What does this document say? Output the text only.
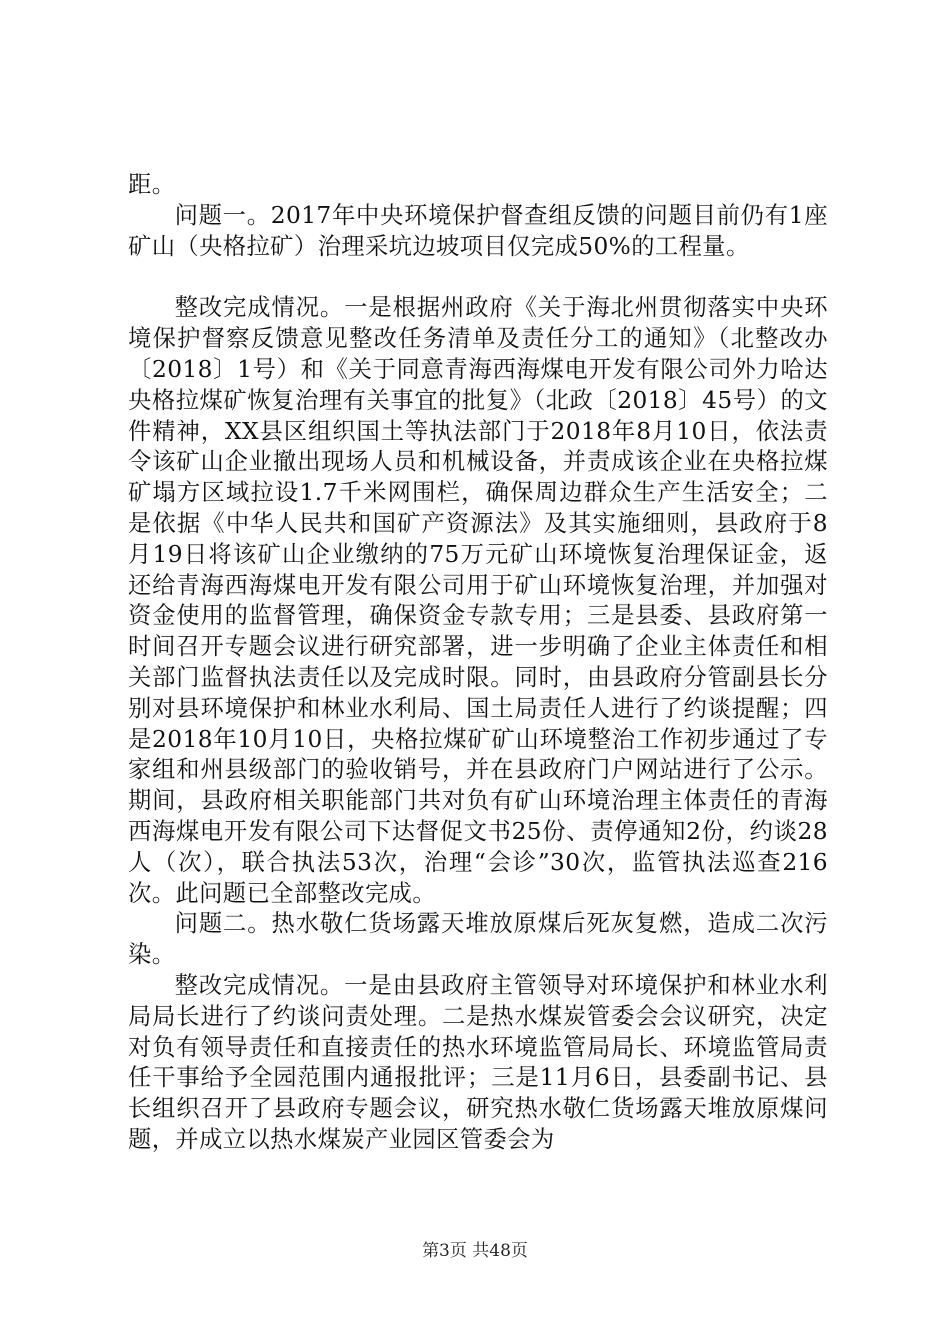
距。

问题一。2017年中央环境保护督查组反馈的问题目前仍有1座矿山（央格拉矿）治理采坑边坡项目仅完成50%的工程量。

整改完成情况。一是根据州政府《关于海北州贯彻落实中央环境保护督察反馈意见整改任务清单及责任分工的通知》（北整改办〔2018〕1号）和《关于同意青海西海煤电开发有限公司外力哈达央格拉煤矿恢复治理有关事宜的批复》（北政〔2018〕45号）的文件精神，XX县区组织国土等执法部门于2018年8月10日，依法责令该矿山企业撤出现场人员和机械设备，并责成该企业在央格拉煤矿塌方区域拉设1.7千米网围栏，确保周边群众生产生活安全；二是依据《中华人民共和国矿产资源法》及其实施细则，县政府于8月19日将该矿山企业缴纳的75万元矿山环境恢复治理保证金，返还给青海西海煤电开发有限公司用于矿山环境恢复治理，并加强对资金使用的监督管理，确保资金专款专用；三是县委、县政府第一时间召开专题会议进行研究部署，进一步明确了企业主体责任和相关部门监督执法责任以及完成时限。同时，由县政府分管副县长分别对县环境保护和林业水利局、国土局责任人进行了约谈提醒；四是2018年10月10日，央格拉煤矿矿山环境整治工作初步通过了专家组和州县级部门的验收销号，并在县政府门户网站进行了公示。期间，县政府相关职能部门共对负有矿山环境治理主体责任的青海西海煤电开发有限公司下达督促文书25份、责停通知2份，约谈28人（次），联合执法53次，治理“会诊”30次，监管执法巡查216次。此问题已全部整改完成。

问题二。热水敬仁货场露天堆放原煤后死灰复燃，造成二次污染。

整改完成情况。一是由县政府主管领导对环境保护和林业水利局局长进行了约谈问责处理。二是热水煤炭管委会会议研究，决定对负有领导责任和直接责任的热水环境监管局局长、环境监管局责任干事给予全园范围内通报批评；三是11月6日，县委副书记、县长组织召开了县政府专题会议，研究热水敬仁货场露天堆放原煤问题，并成立以热水煤炭产业园区管委会为

第3页 共48页
